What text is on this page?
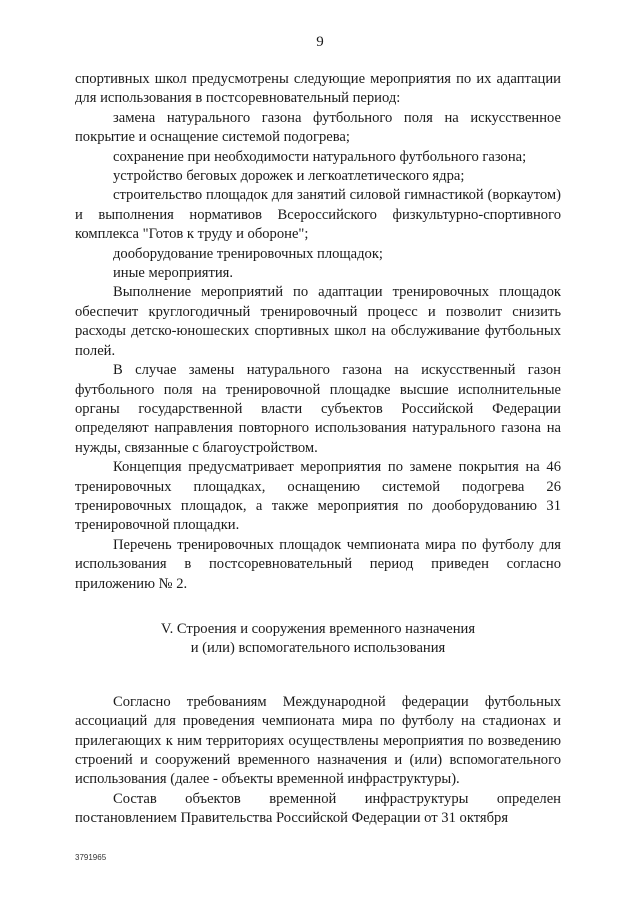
9

спортивных школ предусмотрены следующие мероприятия по их адаптации для использования в постсоревновательный период:

замена натурального газона футбольного поля на искусственное покрытие и оснащение системой подогрева;

сохранение при необходимости натурального футбольного газона;

устройство беговых дорожек и легкоатлетического ядра;

строительство площадок для занятий силовой гимнастикой (воркаутом) и выполнения нормативов Всероссийского физкультурно-спортивного комплекса "Готов к труду и обороне";

дооборудование тренировочных площадок;

иные мероприятия.

Выполнение мероприятий по адаптации тренировочных площадок обеспечит круглогодичный тренировочный процесс и позволит снизить расходы детско-юношеских спортивных школ на обслуживание футбольных полей.

В случае замены натурального газона на искусственный газон футбольного поля на тренировочной площадке высшие исполнительные органы государственной власти субъектов Российской Федерации определяют направления повторного использования натурального газона на нужды, связанные с благоустройством.

Концепция предусматривает мероприятия по замене покрытия на 46 тренировочных площадках, оснащению системой подогрева 26 тренировочных площадок, а также мероприятия по дооборудованию 31 тренировочной площадки.

Перечень тренировочных площадок чемпионата мира по футболу для использования в постсоревновательный период приведен согласно приложению № 2.

V. Строения и сооружения временного назначения
и (или) вспомогательного использования

Согласно требованиям Международной федерации футбольных ассоциаций для проведения чемпионата мира по футболу на стадионах и прилегающих к ним территориях осуществлены мероприятия по возведению строений и сооружений временного назначения и (или) вспомогательного использования (далее - объекты временной инфраструктуры).

Состав объектов временной инфраструктуры определен постановлением Правительства Российской Федерации от 31 октября

3791965
